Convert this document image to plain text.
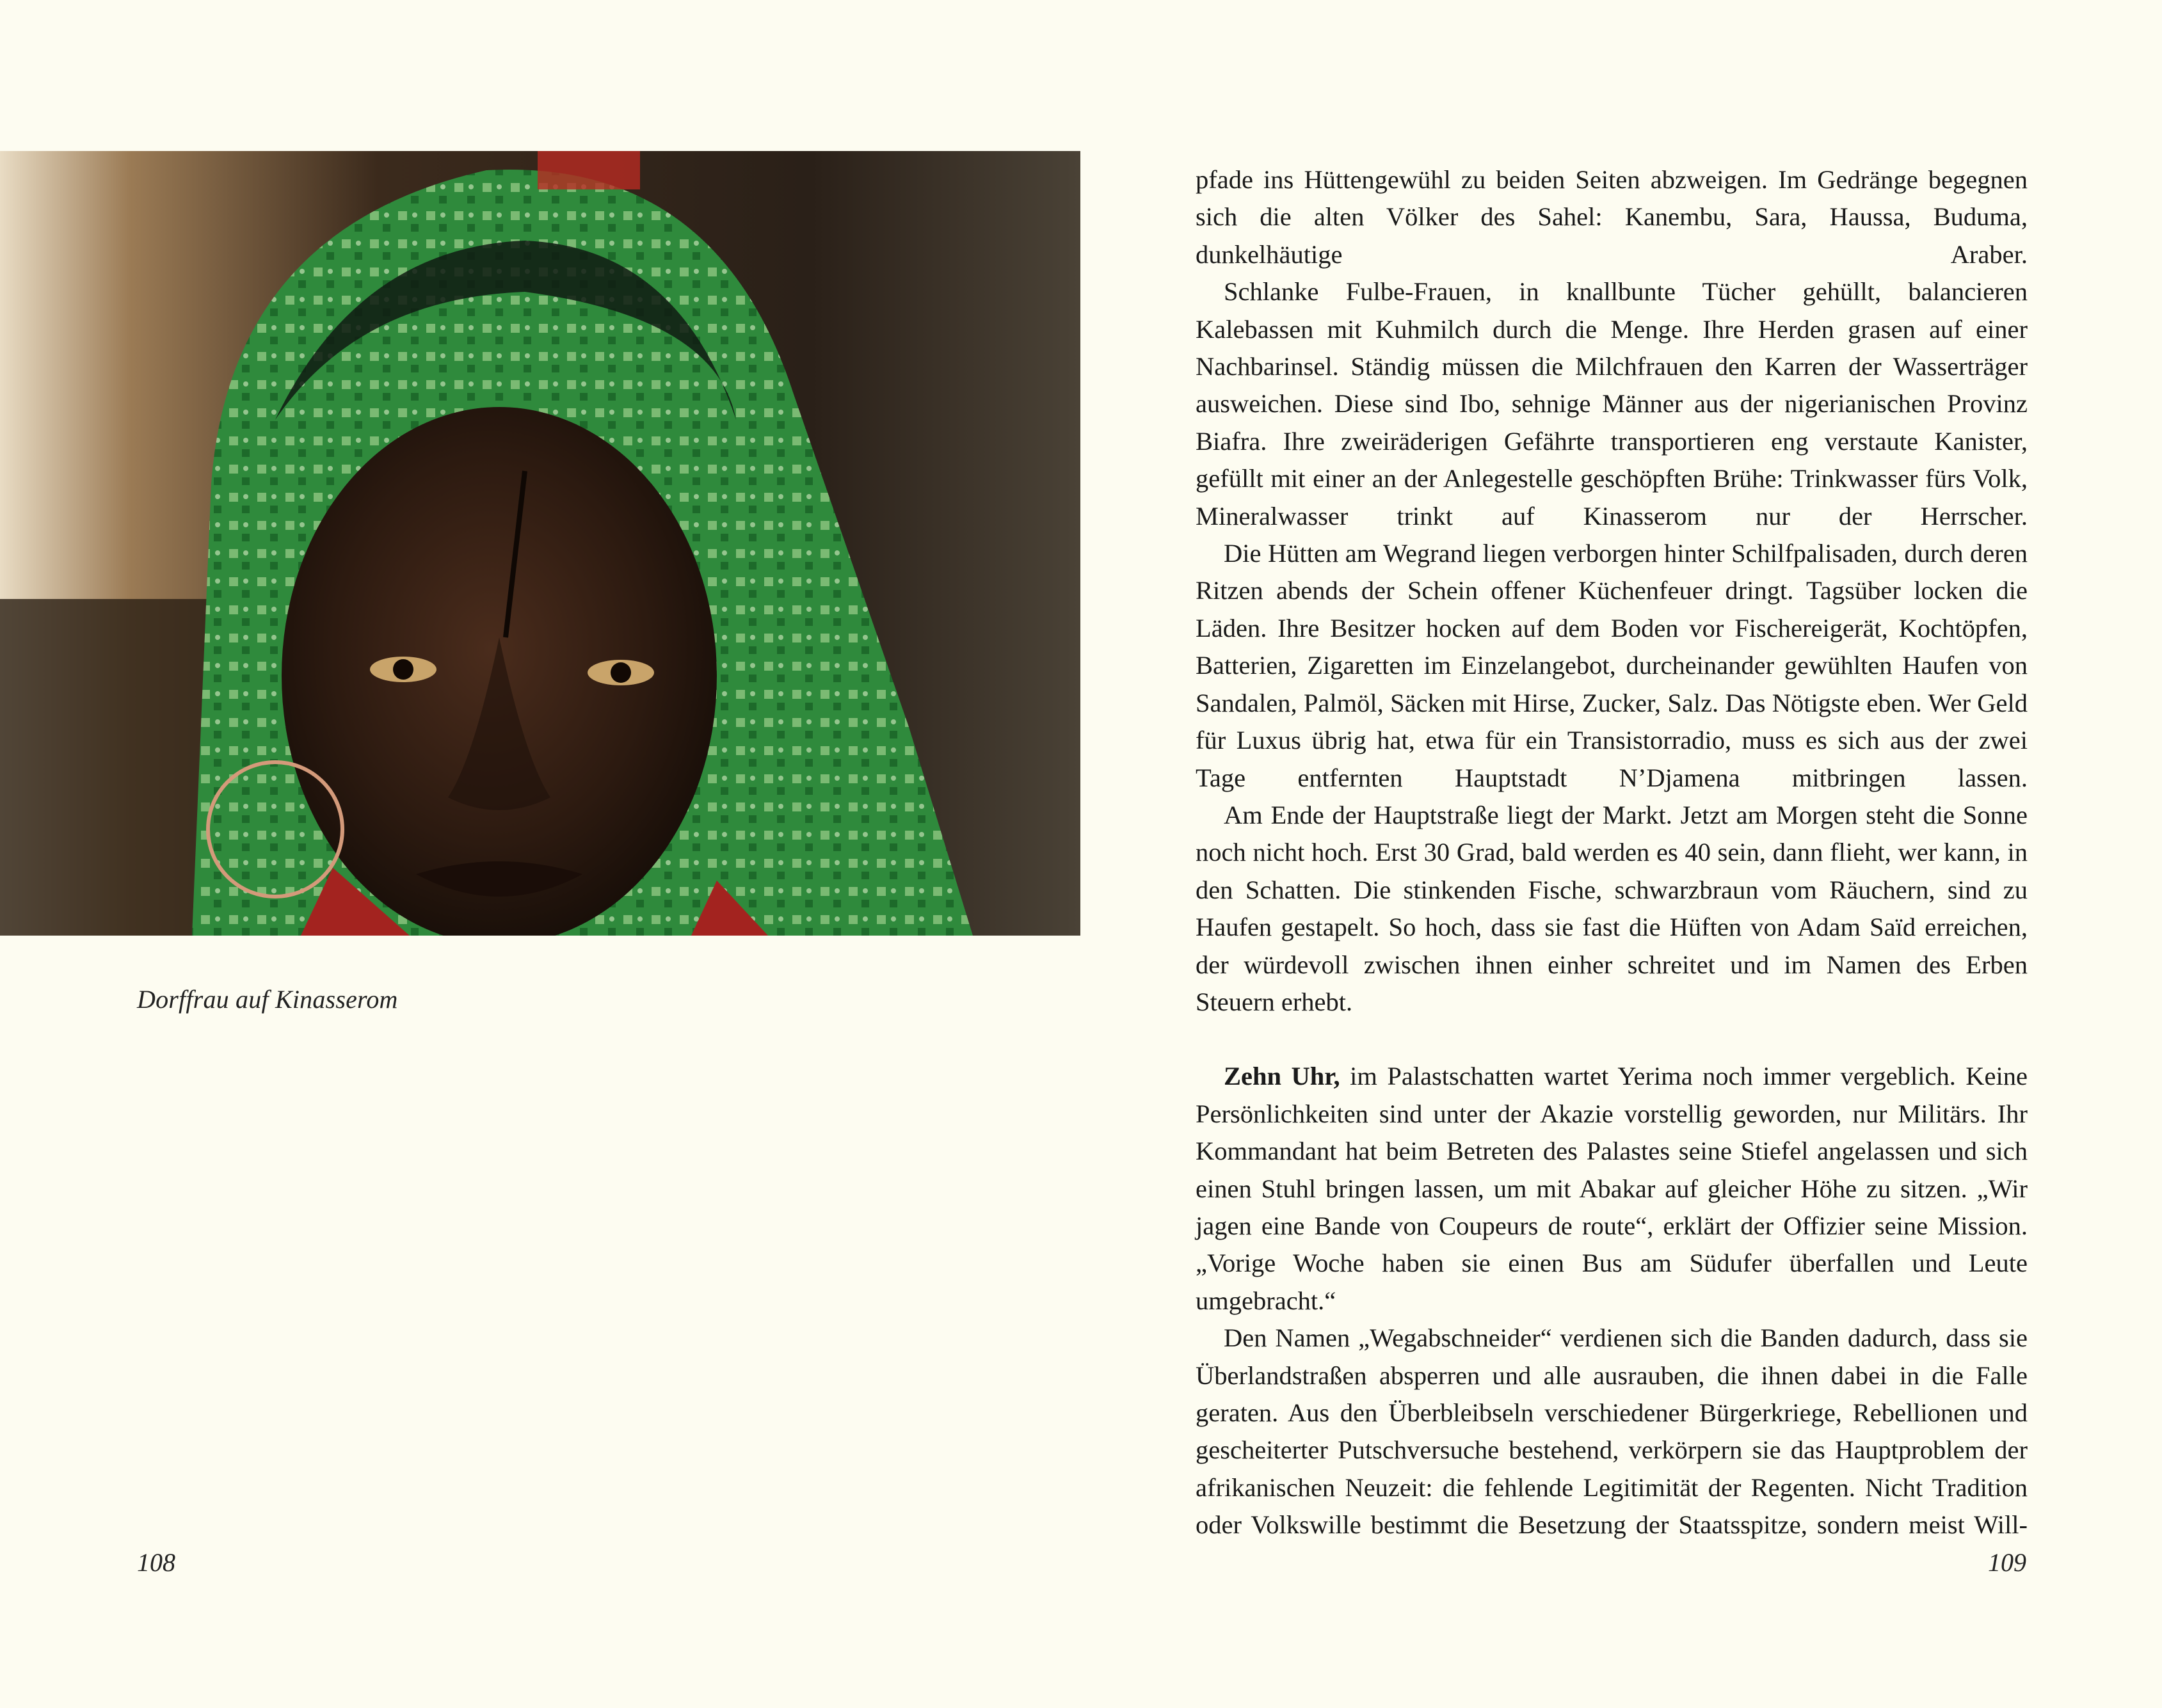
Dorffrau auf Kinasserom
108

pfade ins Hüttengewühl zu beiden Seiten abzweigen. Im Gedränge begegnen sich die alten Völker des Sahel: Kanembu, Sara, Haussa, Buduma, dunkelhäutige Araber.

Schlanke Fulbe-Frauen, in knallbunte Tücher gehüllt, balancieren Kalebassen mit Kuhmilch durch die Menge. Ihre Herden grasen auf einer Nachbarinsel. Ständig müssen die Milchfrauen den Karren der Wasserträger ausweichen. Diese sind Ibo, sehnige Männer aus der nigerianischen Provinz Biafra. Ihre zweiräderigen Gefährte transportieren eng verstaute Kanister, gefüllt mit einer an der Anlegestelle geschöpften Brühe: Trinkwasser fürs Volk, Mineralwasser trinkt auf Kinasserom nur der Herrscher.

Die Hütten am Wegrand liegen verborgen hinter Schilfpalisaden, durch deren Ritzen abends der Schein offener Küchenfeuer dringt. Tagsüber locken die Läden. Ihre Besitzer hocken auf dem Boden vor Fischereigerät, Kochtöpfen, Batterien, Zigaretten im Einzelangebot, durcheinander gewühlten Haufen von Sandalen, Palmöl, Säcken mit Hirse, Zucker, Salz. Das Nötigste eben. Wer Geld für Luxus übrig hat, etwa für ein Transistorradio, muss es sich aus der zwei Tage entfernten Hauptstadt N’Djamena mitbringen lassen.

Am Ende der Hauptstraße liegt der Markt. Jetzt am Morgen steht die Sonne noch nicht hoch. Erst 30 Grad, bald werden es 40 sein, dann flieht, wer kann, in den Schatten. Die stinkenden Fische, schwarzbraun vom Räuchern, sind zu Haufen gestapelt. So hoch, dass sie fast die Hüften von Adam Saïd erreichen, der würdevoll zwischen ihnen einher schreitet und im Namen des Erben Steuern erhebt.

Zehn Uhr, im Palastschatten wartet Yerima noch immer vergeblich. Keine Persönlichkeiten sind unter der Akazie vorstellig geworden, nur Militärs. Ihr Kommandant hat beim Betreten des Palastes seine Stiefel angelassen und sich einen Stuhl bringen lassen, um mit Abakar auf gleicher Höhe zu sitzen. „Wir jagen eine Bande von Coupeurs de route“, erklärt der Offizier seine Mission. „Vorige Woche haben sie einen Bus am Südufer überfallen und Leute umgebracht.“

Den Namen „Wegabschneider“ verdienen sich die Banden dadurch, dass sie Überlandstraßen absperren und alle ausrauben, die ihnen dabei in die Falle geraten. Aus den Überbleibseln verschiedener Bürgerkriege, Rebellionen und gescheiterter Putschversuche bestehend, verkörpern sie das Hauptproblem der afrikanischen Neuzeit: die fehlende Legitimität der Regenten. Nicht Tradition oder Volkswille bestimmt die Besetzung der Staatsspitze, sondern meist Will-

109
